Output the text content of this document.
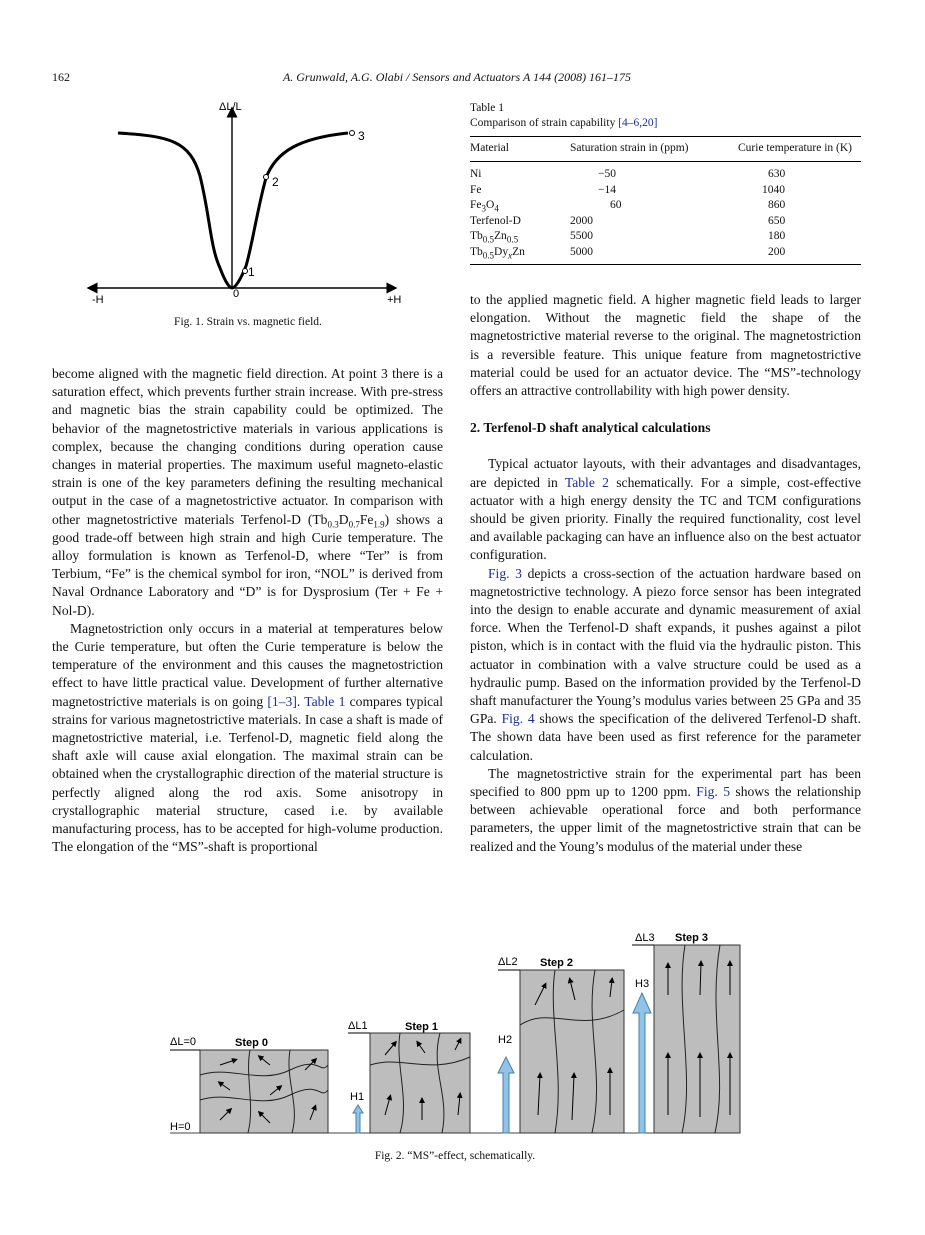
162	A. Grunwald, A.G. Olabi / Sensors and Actuators A 144 (2008) 161–175
ΔL/L
-H	+H
0
1
2
3
Fig. 1. Strain vs. magnetic field.
Table 1
Comparison of strain capability [4–6,20]
Material	Saturation strain in (ppm)	Curie temperature in (K)

Ni	−50	630
Fe	−14	1040
$Fe_3O_4$	60	860
Terfenol-D	2000	650
$Tb_{0.5}Zn_{0.5}$	5500	180
$Tb_{0.5}Dy_xZn$	5000	200

become aligned with the magnetic field direction. At point 3 there is a saturation effect, which prevents further strain increase. With pre-stress and magnetic bias the strain capability could be optimized. The behavior of the magnetostrictive materials in various applications is complex, because the changing conditions during operation cause changes in material properties. The maximum useful magneto-elastic strain is one of the key parameters defining the resulting mechanical output in the case of a magnetostrictive actuator. In comparison with other magnetostrictive materials Terfenol-D $(Tb_{0.3}D_{0.7}Fe_{1.9})$ shows a good trade-off between high strain and high Curie temperature. The alloy formulation is known as Terfenol-D, where “Ter” is from Terbium, “Fe” is the chemical symbol for iron, “NOL” is derived from Naval Ordnance Laboratory and “D” is for Dysprosium (Ter + Fe + Nol-D).

Magnetostriction only occurs in a material at temperatures below the Curie temperature, but often the Curie temperature is below the temperature of the environment and this causes the magnetostriction effect to have little practical value. Development of further alternative magnetostrictive materials is on going [1–3]. Table 1 compares typical strains for various magnetostrictive materials. In case a shaft is made of magnetostrictive material, i.e. Terfenol-D, magnetic field along the shaft axle will cause axial elongation. The maximal strain can be obtained when the crystallographic direction of the material structure is perfectly aligned along the rod axis. Some anisotropy in crystallographic material structure, cased i.e. by available manufacturing process, has to be accepted for high-volume production. The elongation of the “MS”-shaft is proportional

to the applied magnetic field. A higher magnetic field leads to larger elongation. Without the magnetic field the shape of the magnetostrictive material reverse to the original. The magnetostriction is a reversible feature. This unique feature from magnetostrictive material could be used for an actuator device. The “MS”-technology offers an attractive controllability with high power density.

2. Terfenol-D shaft analytical calculations

Typical actuator layouts, with their advantages and disadvantages, are depicted in Table 2 schematically. For a simple, cost-effective actuator with a high energy density the TC and TCM configurations should be given priority. Finally the required functionality, cost level and available packaging can have an influence also on the best actuator configuration.

Fig. 3 depicts a cross-section of the actuation hardware based on magnetostrictive technology. A piezo force sensor has been integrated into the design to enable accurate and dynamic measurement of axial force. When the Terfenol-D shaft expands, it pushes against a pilot piston, which is in contact with the fluid via the hydraulic piston. This actuator in combination with a valve structure could be used as a hydraulic pump. Based on the information provided by the Terfenol-D shaft manufacturer the Young’s modulus varies between 25 GPa and 35 GPa. Fig. 4 shows the specification of the delivered Terfenol-D shaft. The shown data have been used as first reference for the parameter calculation.

The magnetostrictive strain for the experimental part has been specified to 800 ppm up to 1200 ppm. Fig. 5 shows the relationship between achievable operational force and both performance parameters, the upper limit of the magnetostrictive strain that can be realized and the Young’s modulus of the material under these

ΔL=0	Step 0
H=0
ΔL1	Step 1
H1
ΔL2 Step 2
H2
ΔL3 Step 3
H3
Fig. 2. “MS”-effect, schematically.
